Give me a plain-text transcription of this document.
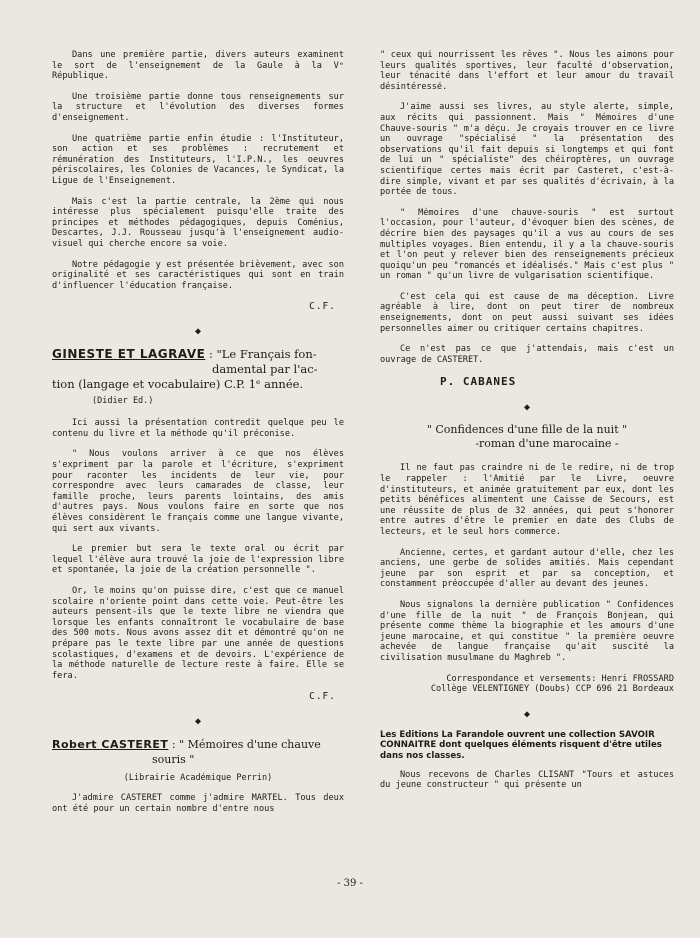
Dans une première partie, divers auteurs examinent le sort de l'enseignement de la Gaule à la Vᵉ République.

Une troisième partie donne tous renseignements sur la structure et l'évolution des diverses formes d'enseignement.

Une quatrième partie enfin étudie : l'Instituteur, son action et ses problèmes : recrutement et rémunération des Instituteurs, l'I.P.N., les oeuvres périscolaires, les Colonies de Vacances, le Syndicat, la Ligue de l'Enseignement.

Mais c'est la partie centrale, la 2ème qui nous intéresse plus spécialement puisqu'elle traite des principes et méthodes pédagogiques, depuis Coménius, Descartes, J.J. Rousseau jusqu'à l'enseignement audio-visuel qui cherche encore sa voie.

Notre pédagogie y est présentée brièvement, avec son originalité et ses caractéristiques qui sont en train d'influencer l'éducation française.

C.F.
◆
GINESTE ET LAGRAVE : "Le Français fon-
damental par l'ac-
tion (langage et vocabulaire) C.P. 1ᵉ année.
(Didier Ed.)

Ici aussi la présentation contredit quelque peu le contenu du livre et la méthode qu'il préconise.

" Nous voulons arriver à ce que nos élèves s'expriment par la parole et l'écriture, s'expriment pour raconter les incidents de leur vie, pour correspondre avec leurs camarades de classe, leur famille proche, leurs parents lointains, des amis d'autres pays. Nous voulons faire en sorte que nos élèves considèrent le français comme une langue vivante, qui sert aux vivants.

Le premier but sera le texte oral ou écrit par lequel l'élève aura trouvé la joie de l'expression libre et spontanée, la joie de la création personnelle ".

Or, le moins qu'on puisse dire, c'est que ce manuel scolaire n'oriente point dans cette voie. Peut-être les auteurs pensent-ils que le texte libre ne viendra que lorsque les enfants connaîtront le vocabulaire de base des 500 mots. Nous avons assez dit et démontré qu'on ne prépare pas le texte libre par une année de questions scolastiques, d'examens et de devoirs. L'expérience de la méthode naturelle de lecture reste à faire. Elle se fera.

C.F.
◆
Robert CASTERET : " Mémoires d'une chauve
souris "
(Librairie Académique Perrin)

J'admire CASTERET comme j'admire MARTEL. Tous deux ont été pour un certain nombre d'entre nous

" ceux qui nourrissent les rêves ". Nous les aimons pour leurs qualités sportives, leur faculté d'observation, leur ténacité dans l'effort et leur amour du travail désintéressé.

J'aime aussi ses livres, au style alerte, simple, aux récits qui passionnent. Mais " Mémoires d'une Chauve-souris " m'a déçu. Je croyais trouver en ce livre un ouvrage "spécialisé " la présentation des observations qu'il fait depuis si longtemps et qui font de lui un " spécialiste" des chéiroptères, un ouvrage scientifique certes mais écrit par Casteret, c'est-à-dire simple, vivant et par ses qualités d'écrivain, à la portée de tous.

" Mémoires d'une chauve-souris " est surtout l'occasion, pour l'auteur, d'évoquer bien des scènes, de décrire bien des paysages qu'il a vus au cours de ses multiples voyages. Bien entendu, il y a la chauve-souris et l'on peut y relever bien des renseignements précieux quoiqu'un peu "romancés et idéalisés." Mais c'est plus " un roman " qu'un livre de vulgarisation scientifique.

C'est cela qui est cause de ma déception. Livre agréable à lire, dont on peut tirer de nombreux enseignements, dont on peut aussi suivant ses idées personnelles aimer ou critiquer certains chapitres.

Ce n'est pas ce que j'attendais, mais c'est un ouvrage de CASTERET.

P. CABANES
◆
" Confidences d'une fille de la nuit "
-roman d'une marocaine -

Il ne faut pas craindre ni de le redire, ni de trop le rappeler : l'Amitié par le Livre, oeuvre d'instituteurs, et animée gratuitement par eux, dont les petits bénéfices alimentent une Caisse de Secours, est une réussite de plus de 32 années, qui peut s'honorer entre autres d'être le premier en date des Clubs de lecteurs, et le seul hors commerce.

Ancienne, certes, et gardant autour d'elle, chez les anciens, une gerbe de solides amitiés. Mais cependant jeune par son esprit et par sa conception, et constamment préoccupée d'aller au devant des jeunes.

Nous signalons la dernière publication " Confidences d'une fille de la nuit " de François Bonjean, qui présente comme thème la biographie et les amours d'une jeune marocaine, et qui constitue " la première oeuvre achevée de langue française qu'ait suscité la civilisation musulmane du Maghreb ".

Correspondance et versements: Henri FROSSARD
Collège VELENTIGNEY (Doubs) CCP 696 21 Bordeaux
◆
Les Editions La Farandole ouvrent une collection SAVOIR CONNAITRE dont quelques éléments risquent d'être utiles dans nos classes.

Nous recevons de Charles CLISANT "Tours et astuces du jeune constructeur " qui présente un

- 39 -
